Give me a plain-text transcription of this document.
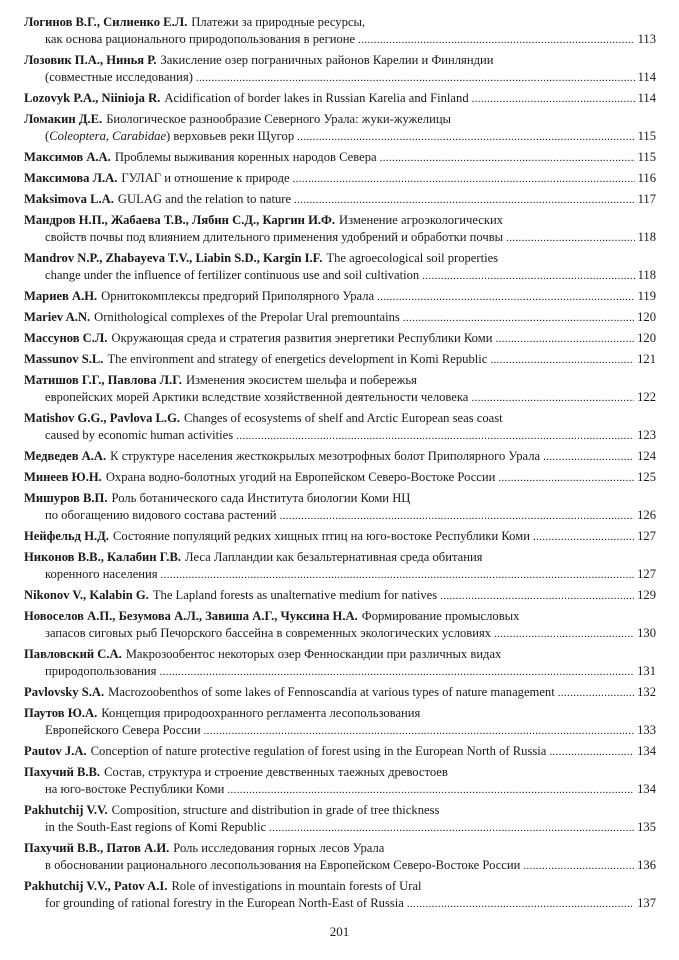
Логинов В.Г., Силиенко Е.Л. Платежи за природные ресурсы,
как основа рационального природопользования в регионе . . .	113
Лозовик П.А., Нинья Р. Закисление озер пограничных районов Карелии и Финляндии
(совместные исследования) . . .	114
Lozovyk P.A., Niinioja R. Acidification of border lakes in Russian Karelia and Finland . . .	114
Ломакин Д.Е. Биологическое разнообразие Северного Урала: жуки-жужелицы
(Coleoptera, Carabidae) верховьев реки Щугор . . .	115
Максимов А.А. Проблемы выживания коренных народов Севера . . .	115
Максимова Л.А. ГУЛАГ и отношение к природе . . .	116
Maksimova L.A. GULAG and the relation to nature . . .	117
Мандров Н.П., Жабаева Т.В., Лябин С.Д., Каргин И.Ф. Изменение агроэкологических
свойств почвы под влиянием длительного применения удобрений и обработки почвы . . .	118
Mandrov N.P., Zhabayeva T.V., Liabin S.D., Kargin I.F. The agroecological soil properties
change under the influence of fertilizer continuous use and soil cultivation . . .	118
Мариев А.Н. Орнитокомплексы предгорий Приполярного Урала . . .	119
Mariev A.N. Ornithological complexes of the Prepolar Ural premountains . . .	120
Массунов С.Л. Окружающая среда и стратегия развития энергетики Республики Коми . . .	120
Massunov S.L. The environment and strategy of energetics development in Komi Republic . . .	121
Матишов Г.Г., Павлова Л.Г. Изменения экосистем шельфа и побережья
европейских морей Арктики вследствие хозяйственной деятельности человека . . .	122
Matishov G.G., Pavlova L.G. Changes of ecosystems of shelf and Arctic European seas coast
caused by economic human activities . . .	123
Медведев А.А. К структуре населения жесткокрылых мезотрофных болот Приполярного Урала . . .	124
Минеев Ю.Н. Охрана водно-болотных угодий на Европейском Северо-Востоке России . . .	125
Мишуров В.П. Роль ботанического сада Института биологии Коми НЦ
по обогащению видового состава растений . . .	126
Нейфельд Н.Д. Состояние популяций редких хищных птиц на юго-востоке Республики Коми . . .	127
Никонов В.В., Калабин Г.В. Леса Лапландии как безальтернативная среда обитания
коренного населения . . .	127
Nikonov V., Kalabin G. The Lapland forests as unalternative medium for natives . . .	129
Новоселов А.П., Безумова А.Л., Завиша А.Г., Чуксина Н.А. Формирование промысловых
запасов сиговых рыб Печорского бассейна в современных экологических условиях . . .	130
Павловский С.А. Макрозообентос некоторых озер Фенноскандии при различных видах
природопользования . . .	131
Pavlovsky S.A. Macrozoobenthos of some lakes of Fennoscandia at various types of nature management . . .	132
Паутов Ю.А. Концепция природоохранного регламента лесопользования
Европейского Севера России . . .	133
Pautov J.A. Conception of nature protective regulation of forest using in the European North of Russia . . .	134
Пахучий В.В. Состав, структура и строение девственных таежных древостоев
на юго-востоке Республики Коми . . .	134
Pakhutchij V.V. Composition, structure and distribution in grade of tree thickness
in the South-East regions of Komi Republic . . .	135
Пахучий В.В., Патов А.И. Роль исследования горных лесов Урала
в обосновании рационального лесопользования на Европейском Северо-Востоке России . . .	136
Pakhutchij V.V., Patov A.I. Role of investigations in mountain forests of Ural
for grounding of rational forestry in the European North-East of Russia . . .	137
201
